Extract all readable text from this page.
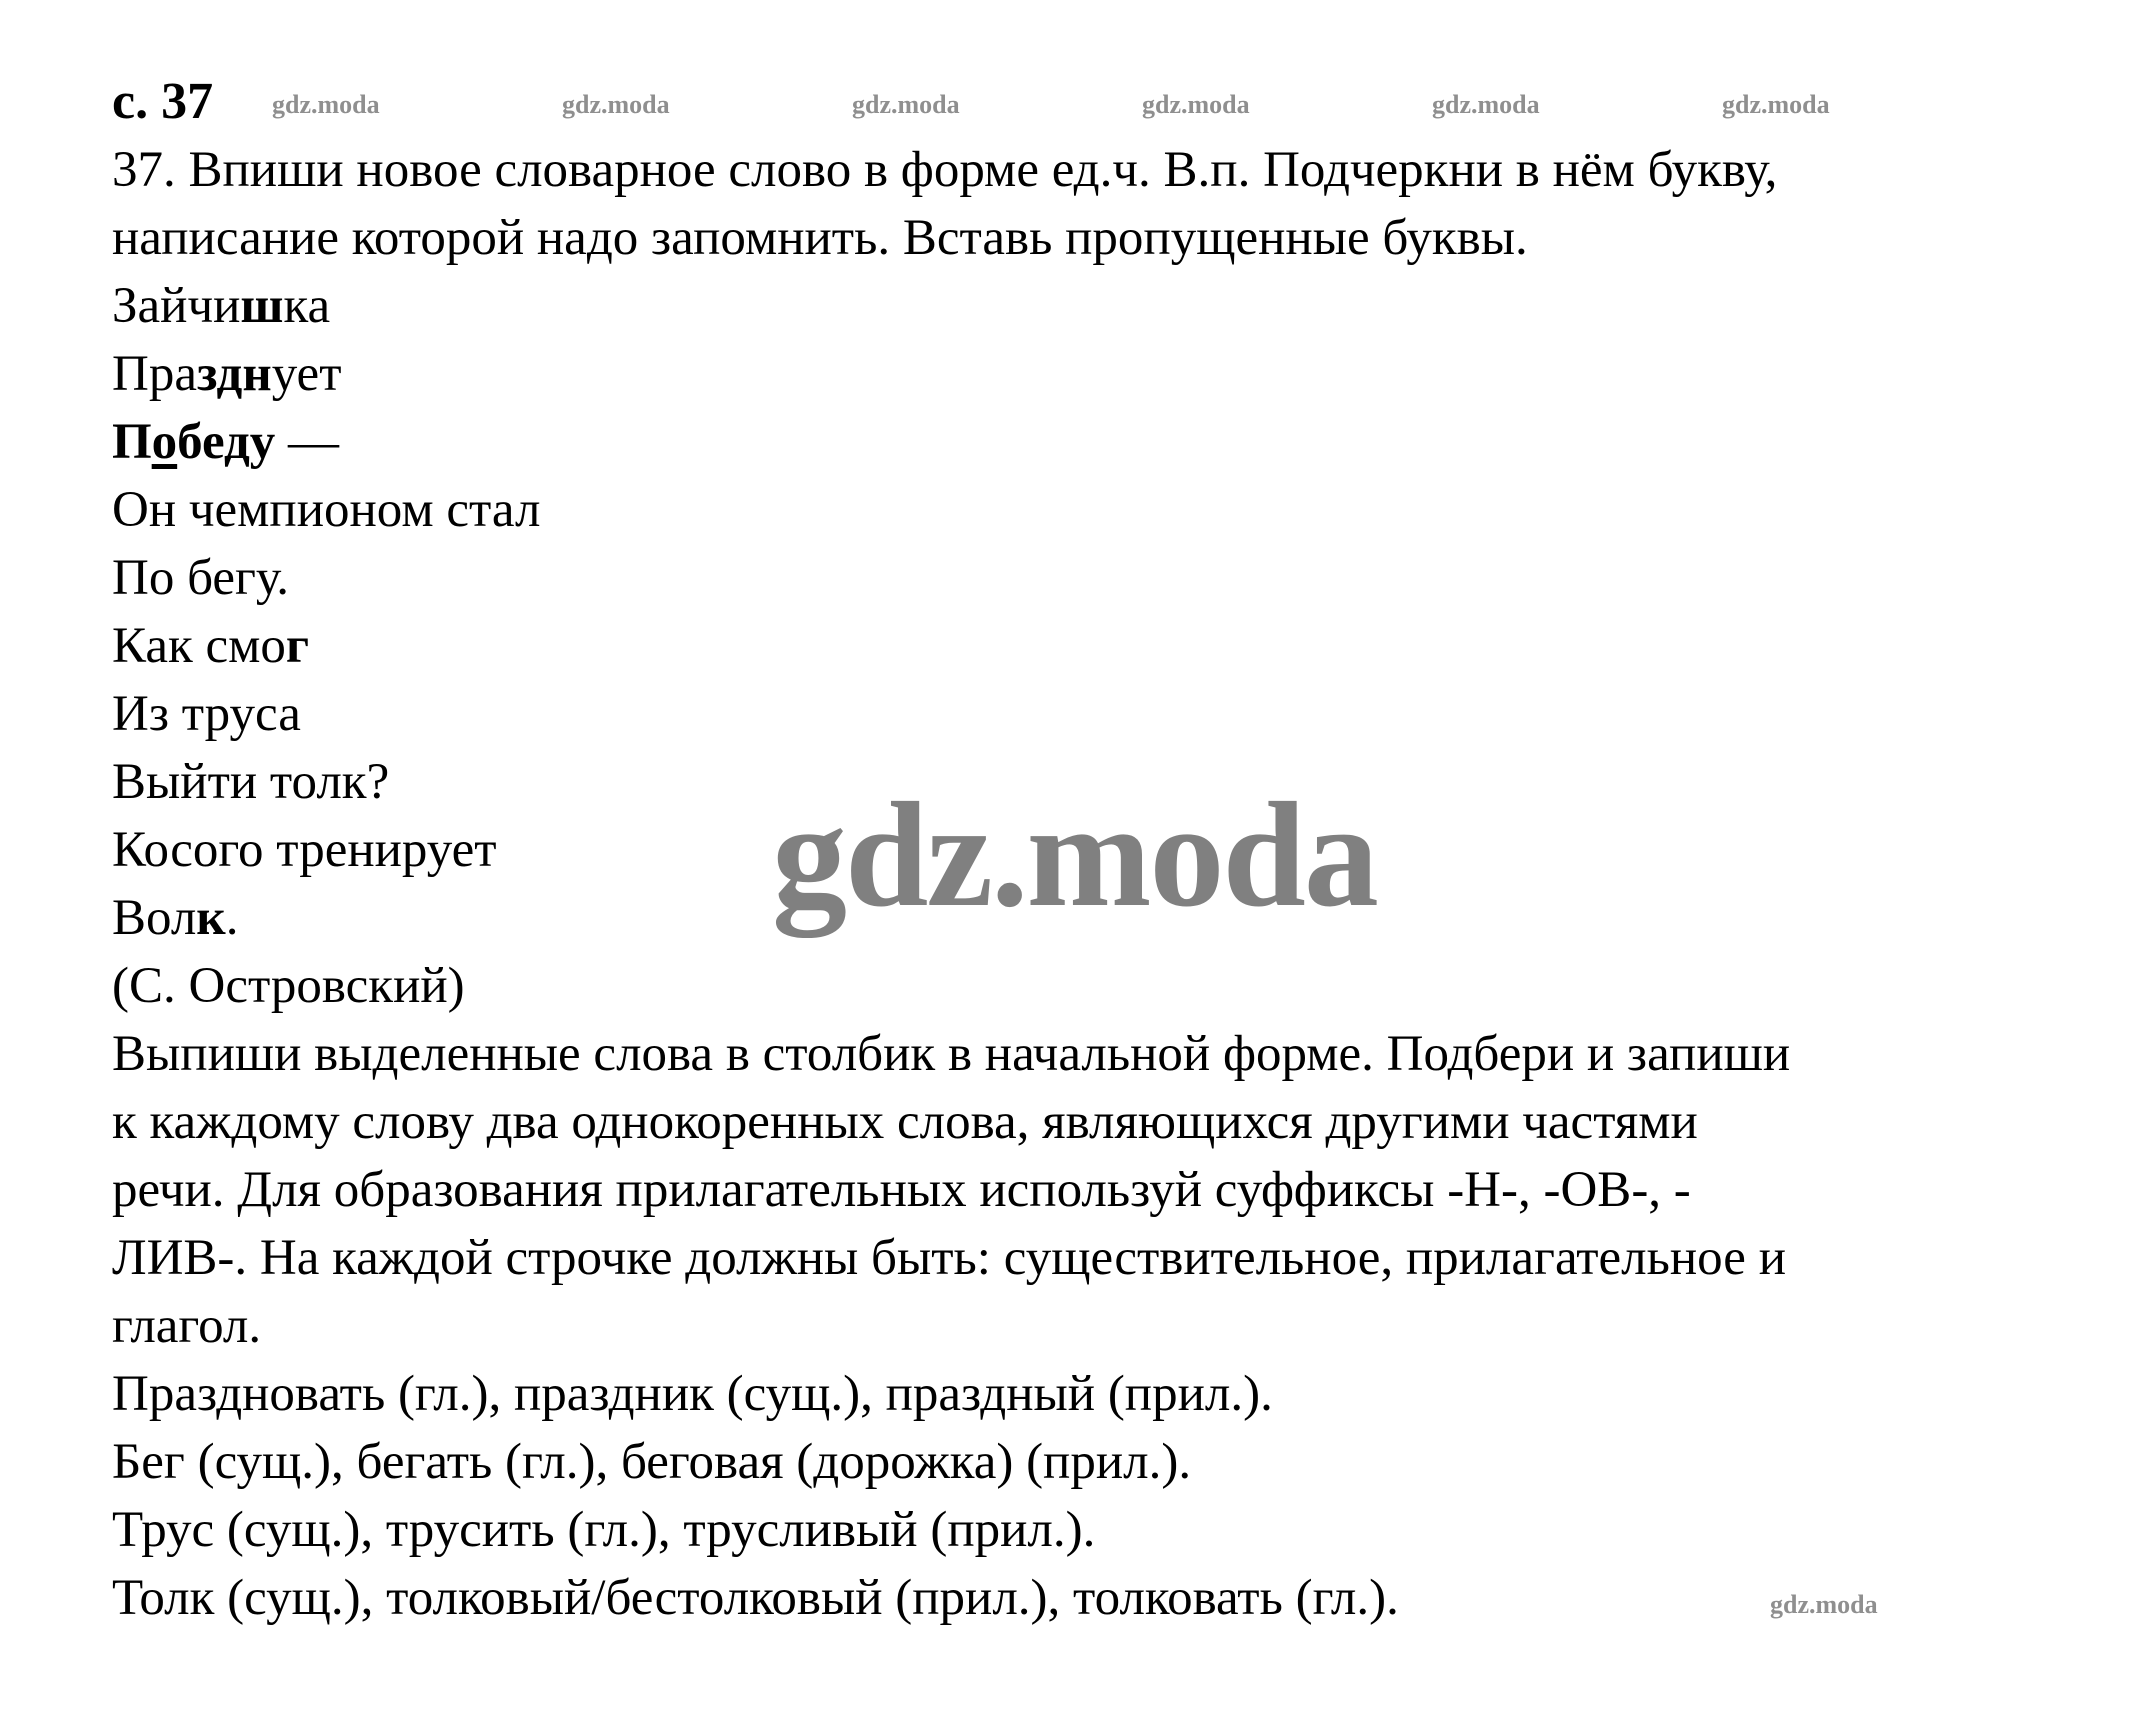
с. 37 gdz.moda	gdz.moda	gdz.moda	gdz.moda	gdz.moda	gdz.moda
37. Впиши новое словарное слово в форме ед.ч. В.п. Подчеркни в нём букву,
написание которой надо запомнить. Вставь пропущенные буквы.
Зайчишка
Празднует
Победу —
Он чемпионом стал
По бегу.
Как смог
Из труса
Выйти толк?
Косого тренирует
Волк.
(С. Островский)
Выпиши выделенные слова в столбик в начальной форме. Подбери и запиши
к каждому слову два однокоренных слова, являющихся другими частями
речи. Для образования прилагательных используй суффиксы -Н-, -ОВ-, -
ЛИВ-. На каждой строчке должны быть: существительное, прилагательное и
глагол.
Праздновать (гл.), праздник (сущ.), праздный (прил.).
Бег (сущ.), бегать (гл.), беговая (дорожка) (прил.).
Трус (сущ.), трусить (гл.), трусливый (прил.).
Толк (сущ.), толковый/бестолковый (прил.), толковать (гл.).
gdz.moda
gdz.moda
